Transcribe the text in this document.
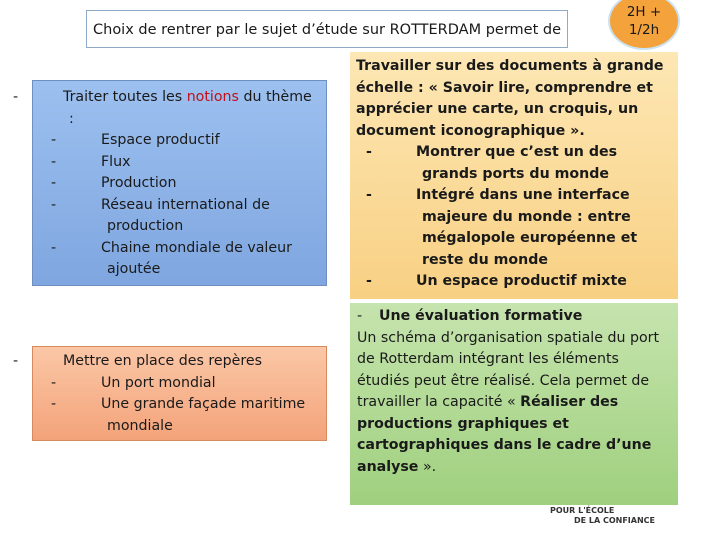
Choix de rentrer par le sujet d’étude sur ROTTERDAM permet de
2H +
1/2h
-	Traiter toutes les notions du thème :
-	Espace productif
-	Flux
-	Production
-	Réseau international de production
-	Chaine mondiale de valeur ajoutée
-	Mettre en place des repères
-	Un port mondial
-	Une grande façade maritime mondiale
Travailler sur des documents à grande échelle : « Savoir lire, comprendre et apprécier une carte, un croquis, un document iconographique ».
-	Montrer que c’est un des grands ports du monde
-	Intégré dans une interface majeure du monde : entre mégalopole européenne et reste du monde
-	Un espace productif mixte
- Une évaluation formative
Un schéma d’organisation spatiale du port de Rotterdam intégrant les éléments étudiés peut être réalisé. Cela permet de travailler la capacité « Réaliser des productions graphiques et cartographiques dans le cadre d’une analyse ».
POUR L'ÉCOLE
DE LA CONFIANCE
